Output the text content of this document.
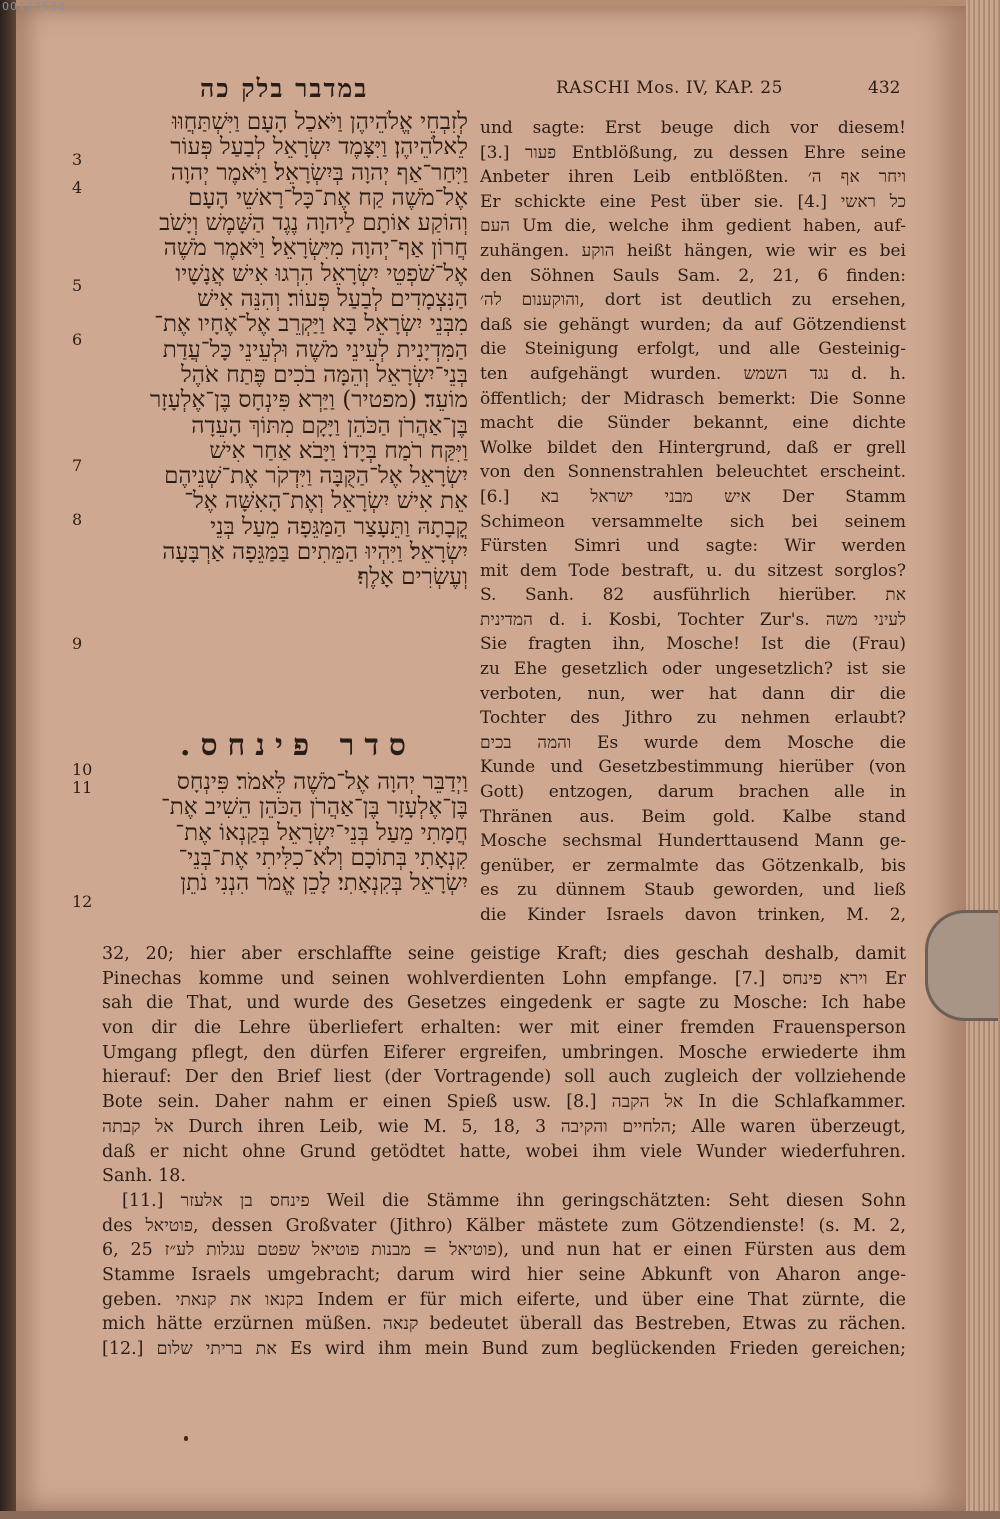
00188538
במדבר בלק כה	RASCHI Mos. IV, KAP. 25	432
3
4
5
6
7
8
9
לְזִבְחֵי אֱלֹהֵיהֶן וַיֹּאכַל הָעָם וַיִּשְׁתַּחֲוּוּ
לֵאלֹהֵיהֶן׃ וַיִּצָּמֶד יִשְׂרָאֵל לְבַעַל פְּעוֹר
וַיִּחַר־אַף יְהוָה בְּיִשְׂרָאֵל׃ וַיֹּאמֶר יְהוָה
אֶל־מֹשֶׁה קַח אֶת־כָּל־רָאשֵׁי הָעָם
וְהוֹקַע אוֹתָם לַיהוָה נֶגֶד הַשָּׁמֶשׁ וְיָשֹׁב
חֲרוֹן אַף־יְהוָה מִיִּשְׂרָאֵל׃ וַיֹּאמֶר מֹשֶׁה
אֶל־שֹׁפְטֵי יִשְׂרָאֵל הִרְגוּ אִישׁ אֲנָשָׁיו
הַנִּצְמָדִים לְבַעַל פְּעוֹר׃ וְהִנֵּה אִישׁ
מִבְּנֵי יִשְׂרָאֵל בָּא וַיַּקְרֵב אֶל־אֶחָיו אֶת־
הַמִּדְיָנִית לְעֵינֵי מֹשֶׁה וּלְעֵינֵי כָּל־עֲדַת
בְּנֵי־יִשְׂרָאֵל וְהֵמָּה בֹכִים פֶּתַח אֹהֶל
מוֹעֵד׃ (מפטיר) וַיַּרְא פִּינְחָס בֶּן־אֶלְעָזָר
בֶּן־אַהֲרֹן הַכֹּהֵן וַיָּקָם מִתּוֹךְ הָעֵדָה
וַיִּקַּח רֹמַח בְּיָדוֹ׃ וַיָּבֹא אַחַר אִישׁ
יִשְׂרָאֵל אֶל־הַקֻּבָּה וַיִּדְקֹר אֶת־שְׁנֵיהֶם
אֵת אִישׁ יִשְׂרָאֵל וְאֶת־הָאִשָּׁה אֶל־
קֳבָתָהּ וַתֵּעָצַר הַמַּגֵּפָה מֵעַל בְּנֵי
יִשְׂרָאֵל׃ וַיִּהְיוּ הַמֵּתִים בַּמַּגֵּפָה אַרְבָּעָה
וְעֶשְׂרִים אָלֶף׃
סדר פינחס.
10
11
12
וַיְדַבֵּר יְהוָה אֶל־מֹשֶׁה לֵּאמֹר׃ פִּינְחָס
בֶּן־אֶלְעָזָר בֶּן־אַהֲרֹן הַכֹּהֵן הֵשִׁיב אֶת־
חֲמָתִי מֵעַל בְּנֵי־יִשְׂרָאֵל בְּקַנְאוֹ אֶת־
קִנְאָתִי בְּתוֹכָם וְלֹא־כִלִּיתִי אֶת־בְּנֵי־
יִשְׂרָאֵל בְּקִנְאָתִי׃ לָכֵן אֱמֹר הִנְנִי נֹתֵן
und sagte: Erst beuge dich vor diesem!
[3.] פעור Entblößung, zu dessen Ehre seine
Anbeter ihren Leib entblößten. ויחר אף ה׳
Er schickte eine Pest über sie. [4.] כל ראשי
העם Um die, welche ihm gedient haben, auf-
zuhängen. הוקע heißt hängen, wie wir es bei
den Söhnen Sauls Sam. 2, 21, 6 finden:
והוקענום לה׳, dort ist deutlich zu ersehen,
daß sie gehängt wurden; da auf Götzendienst
die Steinigung erfolgt, und alle Gesteinig-
ten aufgehängt wurden. נגד השמש d. h.
öffentlich; der Midrasch bemerkt: Die Sonne
macht die Sünder bekannt, eine dichte
Wolke bildet den Hintergrund, daß er grell
von den Sonnenstrahlen beleuchtet erscheint.
[6.] איש מבני ישראל בא Der Stamm
Schimeon versammelte sich bei seinem
Fürsten Simri und sagte: Wir werden
mit dem Tode bestraft, u. du sitzest sorglos?
S. Sanh. 82 ausführlich hierüber. את
המדינית d. i. Kosbi, Tochter Zur's. לעיני משה
Sie fragten ihn, Mosche! Ist die (Frau)
zu Ehe gesetzlich oder ungesetzlich? ist sie
verboten, nun, wer hat dann dir die
Tochter des Jithro zu nehmen erlaubt?
והמה בכים Es wurde dem Mosche die
Kunde und Gesetzbestimmung hierüber (von
Gott) entzogen, darum brachen alle in
Thränen aus. Beim gold. Kalbe stand
Mosche sechsmal Hunderttausend Mann ge-
genüber, er zermalmte das Götzenkalb, bis
es zu dünnem Staub geworden, und ließ
die Kinder Israels davon trinken, M. 2,
32, 20; hier aber erschlaffte seine geistige Kraft; dies geschah deshalb, damit
Pinechas komme und seinen wohlverdienten Lohn empfange. [7.] וירא פינחס Er
sah die That, und wurde des Gesetzes eingedenk er sagte zu Mosche: Ich habe
von dir die Lehre überliefert erhalten: wer mit einer fremden Frauensperson
Umgang pflegt, den dürfen Eiferer ergreifen, umbringen. Mosche erwiederte ihm
hierauf: Der den Brief liest (der Vortragende) soll auch zugleich der vollziehende
Bote sein. Daher nahm er einen Spieß usw. [8.] אל הקבה In die Schlafkammer.
אל קבתה Durch ihren Leib, wie M. 5, 18, 3 הלחיים והקיבה; Alle waren überzeugt,
daß er nicht ohne Grund getödtet hatte, wobei ihm viele Wunder wiederfuhren.
Sanh. 18.
[11.] פינחס בן אלעזר Weil die Stämme ihn geringschätzten: Seht diesen Sohn
des פוטיאל, dessen Großvater (Jithro) Kälber mästete zum Götzendienste! (s. M. 2,
6, 25 פוטיאל = מבנות פוטיאל שפטם עגלות לע״ז), und nun hat er einen Fürsten aus dem
Stamme Israels umgebracht; darum wird hier seine Abkunft von Aharon ange-
geben. בקנאו את קנאתי Indem er für mich eiferte, und über eine That zürnte, die
mich hätte erzürnen müßen. קנאה bedeutet überall das Bestreben, Etwas zu rächen.
[12.] את בריתי שלום Es wird ihm mein Bund zum beglückenden Frieden gereichen;
